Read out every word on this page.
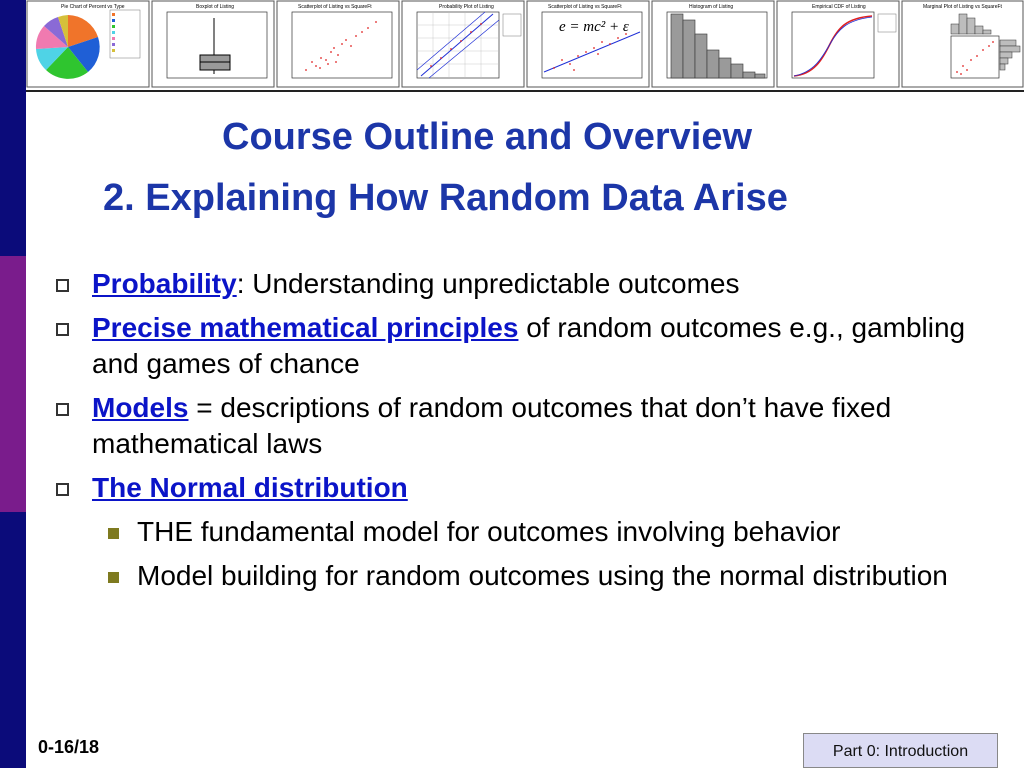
Pie Chart of Percent vs Type	Boxplot of Listing	Scatterplot of Listing vs SquareFt	Probability Plot of Listing	Scatterplot of Listing vs SquareFt
e = mc² + ε
Histogram of Listing	Empirical CDF of Listing	Marginal Plot of Listing vs SquareFt
Course Outline and Overview
2. Explaining How Random Data Arise
Probability: Understanding unpredictable outcomes
Precise mathematical principles of random outcomes e.g., gambling and games of chance
Models = descriptions of random outcomes that don’t have fixed mathematical laws
The Normal distribution
THE fundamental model for outcomes involving behavior
Model building for random outcomes using the normal distribution
0-16/18	Part 0: Introduction
